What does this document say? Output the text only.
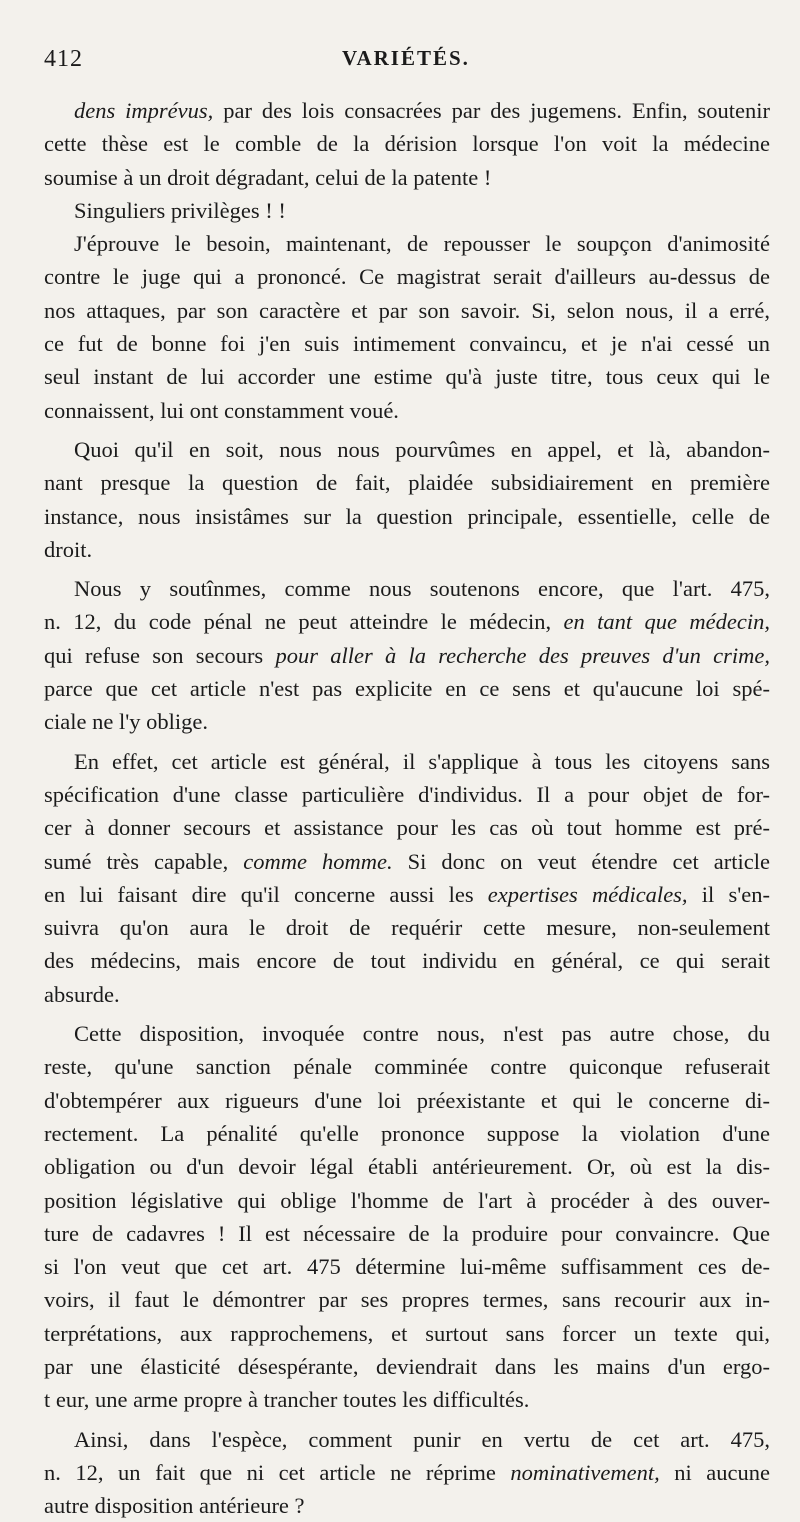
412	VARIÉTÉS.
dens imprévus, par des lois consacrées par des jugemens. Enfin, soutenir
cette thèse est le comble de la dérision lorsque l'on voit la médecine
soumise à un droit dégradant, celui de la patente !
Singuliers privilèges ! !
J'éprouve le besoin, maintenant, de repousser le soupçon d'animosité
contre le juge qui a prononcé. Ce magistrat serait d'ailleurs au-dessus de
nos attaques, par son caractère et par son savoir. Si, selon nous, il a erré,
ce fut de bonne foi j'en suis intimement convaincu, et je n'ai cessé un
seul instant de lui accorder une estime qu'à juste titre, tous ceux qui le
connaissent, lui ont constamment voué.
Quoi qu'il en soit, nous nous pourvûmes en appel, et là, abandon-
nant presque la question de fait, plaidée subsidiairement en première
instance, nous insistâmes sur la question principale, essentielle, celle de
droit.
Nous y soutînmes, comme nous soutenons encore, que l'art. 475,
n. 12, du code pénal ne peut atteindre le médecin, en tant que médecin,
qui refuse son secours pour aller à la recherche des preuves d'un crime,
parce que cet article n'est pas explicite en ce sens et qu'aucune loi spé-
ciale ne l'y oblige.
En effet, cet article est général, il s'applique à tous les citoyens sans
spécification d'une classe particulière d'individus. Il a pour objet de for-
cer à donner secours et assistance pour les cas où tout homme est pré-
sumé très capable, comme homme. Si donc on veut étendre cet article
en lui faisant dire qu'il concerne aussi les expertises médicales, il s'en-
suivra qu'on aura le droit de requérir cette mesure, non-seulement
des médecins, mais encore de tout individu en général, ce qui serait
absurde.
Cette disposition, invoquée contre nous, n'est pas autre chose, du
reste, qu'une sanction pénale comminée contre quiconque refuserait
d'obtempérer aux rigueurs d'une loi préexistante et qui le concerne di-
rectement. La pénalité qu'elle prononce suppose la violation d'une
obligation ou d'un devoir légal établi antérieurement. Or, où est la dis-
position législative qui oblige l'homme de l'art à procéder à des ouver-
ture de cadavres ! Il est nécessaire de la produire pour convaincre. Que
si l'on veut que cet art. 475 détermine lui-même suffisamment ces de-
voirs, il faut le démontrer par ses propres termes, sans recourir aux in-
terprétations, aux rapprochemens, et surtout sans forcer un texte qui,
par une élasticité désespérante, deviendrait dans les mains d'un ergo-
t eur, une arme propre à trancher toutes les difficultés.
Ainsi, dans l'espèce, comment punir en vertu de cet art. 475,
n. 12, un fait que ni cet article ne réprime nominativement, ni aucune
autre disposition antérieure ?
